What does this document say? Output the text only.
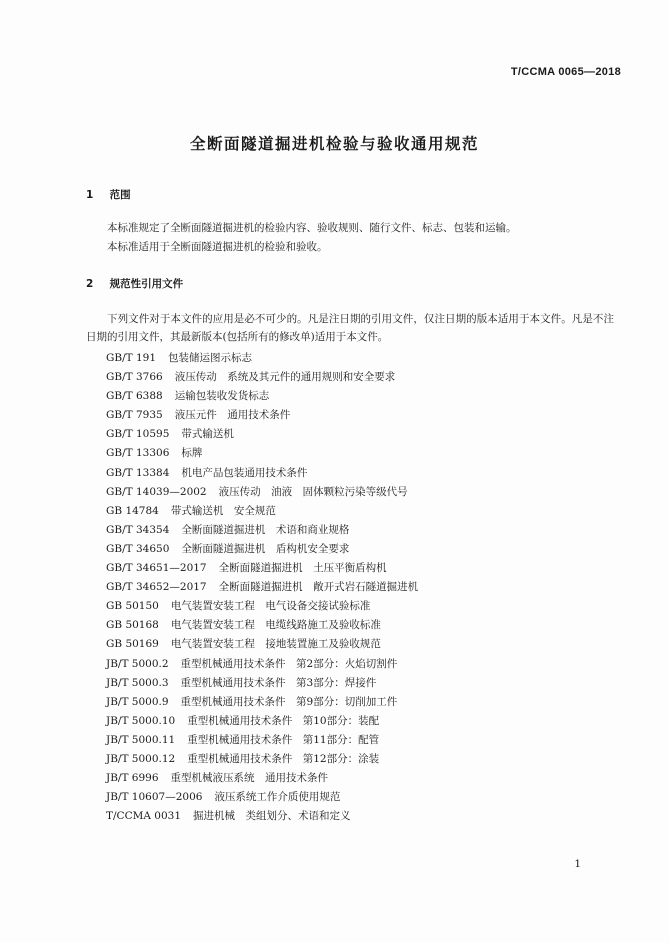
T/CCMA 0065—2018
全断面隧道掘进机检验与验收通用规范
1 范围
本标准规定了全断面隧道掘进机的检验内容、验收规则、随行文件、标志、包装和运输。
本标准适用于全断面隧道掘进机的检验和验收。
2 规范性引用文件
下列文件对于本文件的应用是必不可少的。凡是注日期的引用文件，仅注日期的版本适用于本文件。凡是不注日期的引用文件，其最新版本(包括所有的修改单)适用于本文件。
GB/T 191 包装储运图示标志
GB/T 3766 液压传动　系统及其元件的通用规则和安全要求
GB/T 6388 运输包装收发货标志
GB/T 7935 液压元件　通用技术条件
GB/T 10595 带式输送机
GB/T 13306 标牌
GB/T 13384 机电产品包装通用技术条件
GB/T 14039—2002 液压传动　油液　固体颗粒污染等级代号
GB 14784 带式输送机　安全规范
GB/T 34354 全断面隧道掘进机　术语和商业规格
GB/T 34650 全断面隧道掘进机　盾构机安全要求
GB/T 34651—2017 全断面隧道掘进机　土压平衡盾构机
GB/T 34652—2017 全断面隧道掘进机　敞开式岩石隧道掘进机
GB 50150 电气装置安装工程　电气设备交接试验标准
GB 50168 电气装置安装工程　电缆线路施工及验收标准
GB 50169 电气装置安装工程　接地装置施工及验收规范
JB/T 5000.2 重型机械通用技术条件　第2部分：火焰切割件
JB/T 5000.3 重型机械通用技术条件　第3部分：焊接件
JB/T 5000.9 重型机械通用技术条件　第9部分：切削加工件
JB/T 5000.10 重型机械通用技术条件　第10部分：装配
JB/T 5000.11 重型机械通用技术条件　第11部分：配管
JB/T 5000.12 重型机械通用技术条件　第12部分：涂装
JB/T 6996 重型机械液压系统　通用技术条件
JB/T 10607—2006 液压系统工作介质使用规范
T/CCMA 0031 掘进机械　类组划分、术语和定义
1
